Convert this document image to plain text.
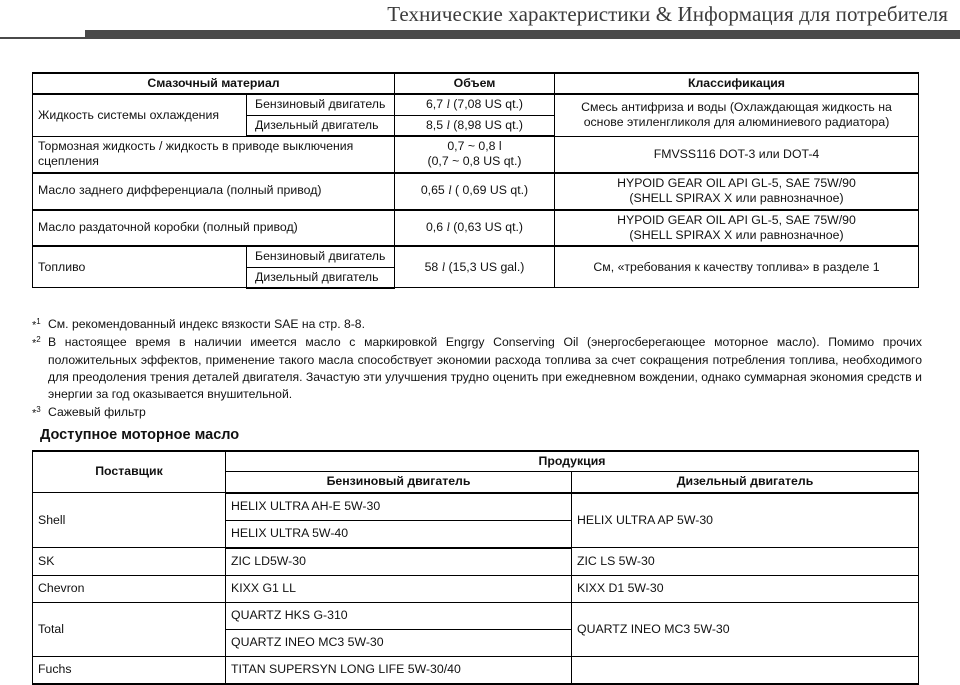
Технические характеристики & Информация для потребителя
Смазочный материал		Объем	Классификация
Жидкость системы охлаждения	Бензиновый двигатель	6,7 l (7,08 US qt.)	Смесь антифриза и воды (Охлаждающая жидкость на
основе этиленгликоля для алюминиевого радиатора)

	Дизельный двигатель	8,5 l (8,98 US qt.)	
Тормозная жидкость / жидкость в приводе выключения сцепления		0,7 ~ 0,8 l
(0,7 ~ 0,8 US qt.)	FMVSS116 DOT-3 или DOT-4
Масло заднего дифференциала (полный привод)		0,65 l ( 0,69 US qt.)	HYPOID GEAR OIL API GL-5, SAE 75W/90
(SHELL SPIRAX X или равнозначное)

Масло раздаточной коробки (полный привод)		0,6 l (0,63 US qt.)	HYPOID GEAR OIL API GL-5, SAE 75W/90
(SHELL SPIRAX X или равнозначное)

Топливо	Бензиновый двигатель	58 l (15,3 US gal.)	См, «требования к качеству топлива» в разделе 1
	Дизельный двигатель		
*$^1$ См. рекомендованный индекс вязкости SAE на стр. 8-8.
*$^2$ В настоящее время в наличии имеется масло с маркировкой Engrgy Conserving Oil (энергосберегающее моторное масло). Помимо прочих положительных эффектов, применение такого масла способствует экономии расхода топлива за счет сокращения потребления топлива, необходимого для преодоления трения деталей двигателя. Зачастую эти улучшения трудно оценить при ежедневном вождении, однако суммарная экономия средств и энергии за год оказывается внушительной.
*$^3$ Сажевый фильтр
Доступное моторное масло
Поставщик	Продукция	
	Бензиновый двигатель	Дизельный двигатель
Shell	HELIX ULTRA AH-E 5W-30	HELIX ULTRA AP 5W-30
	HELIX ULTRA 5W-40	
SK	ZIC LD5W-30	ZIC LS 5W-30
Chevron	KIXX G1 LL	KIXX D1 5W-30
Total	QUARTZ HKS G-310	QUARTZ INEO MC3 5W-30
	QUARTZ INEO MC3 5W-30	
Fuchs	TITAN SUPERSYN LONG LIFE 5W-30/40	
